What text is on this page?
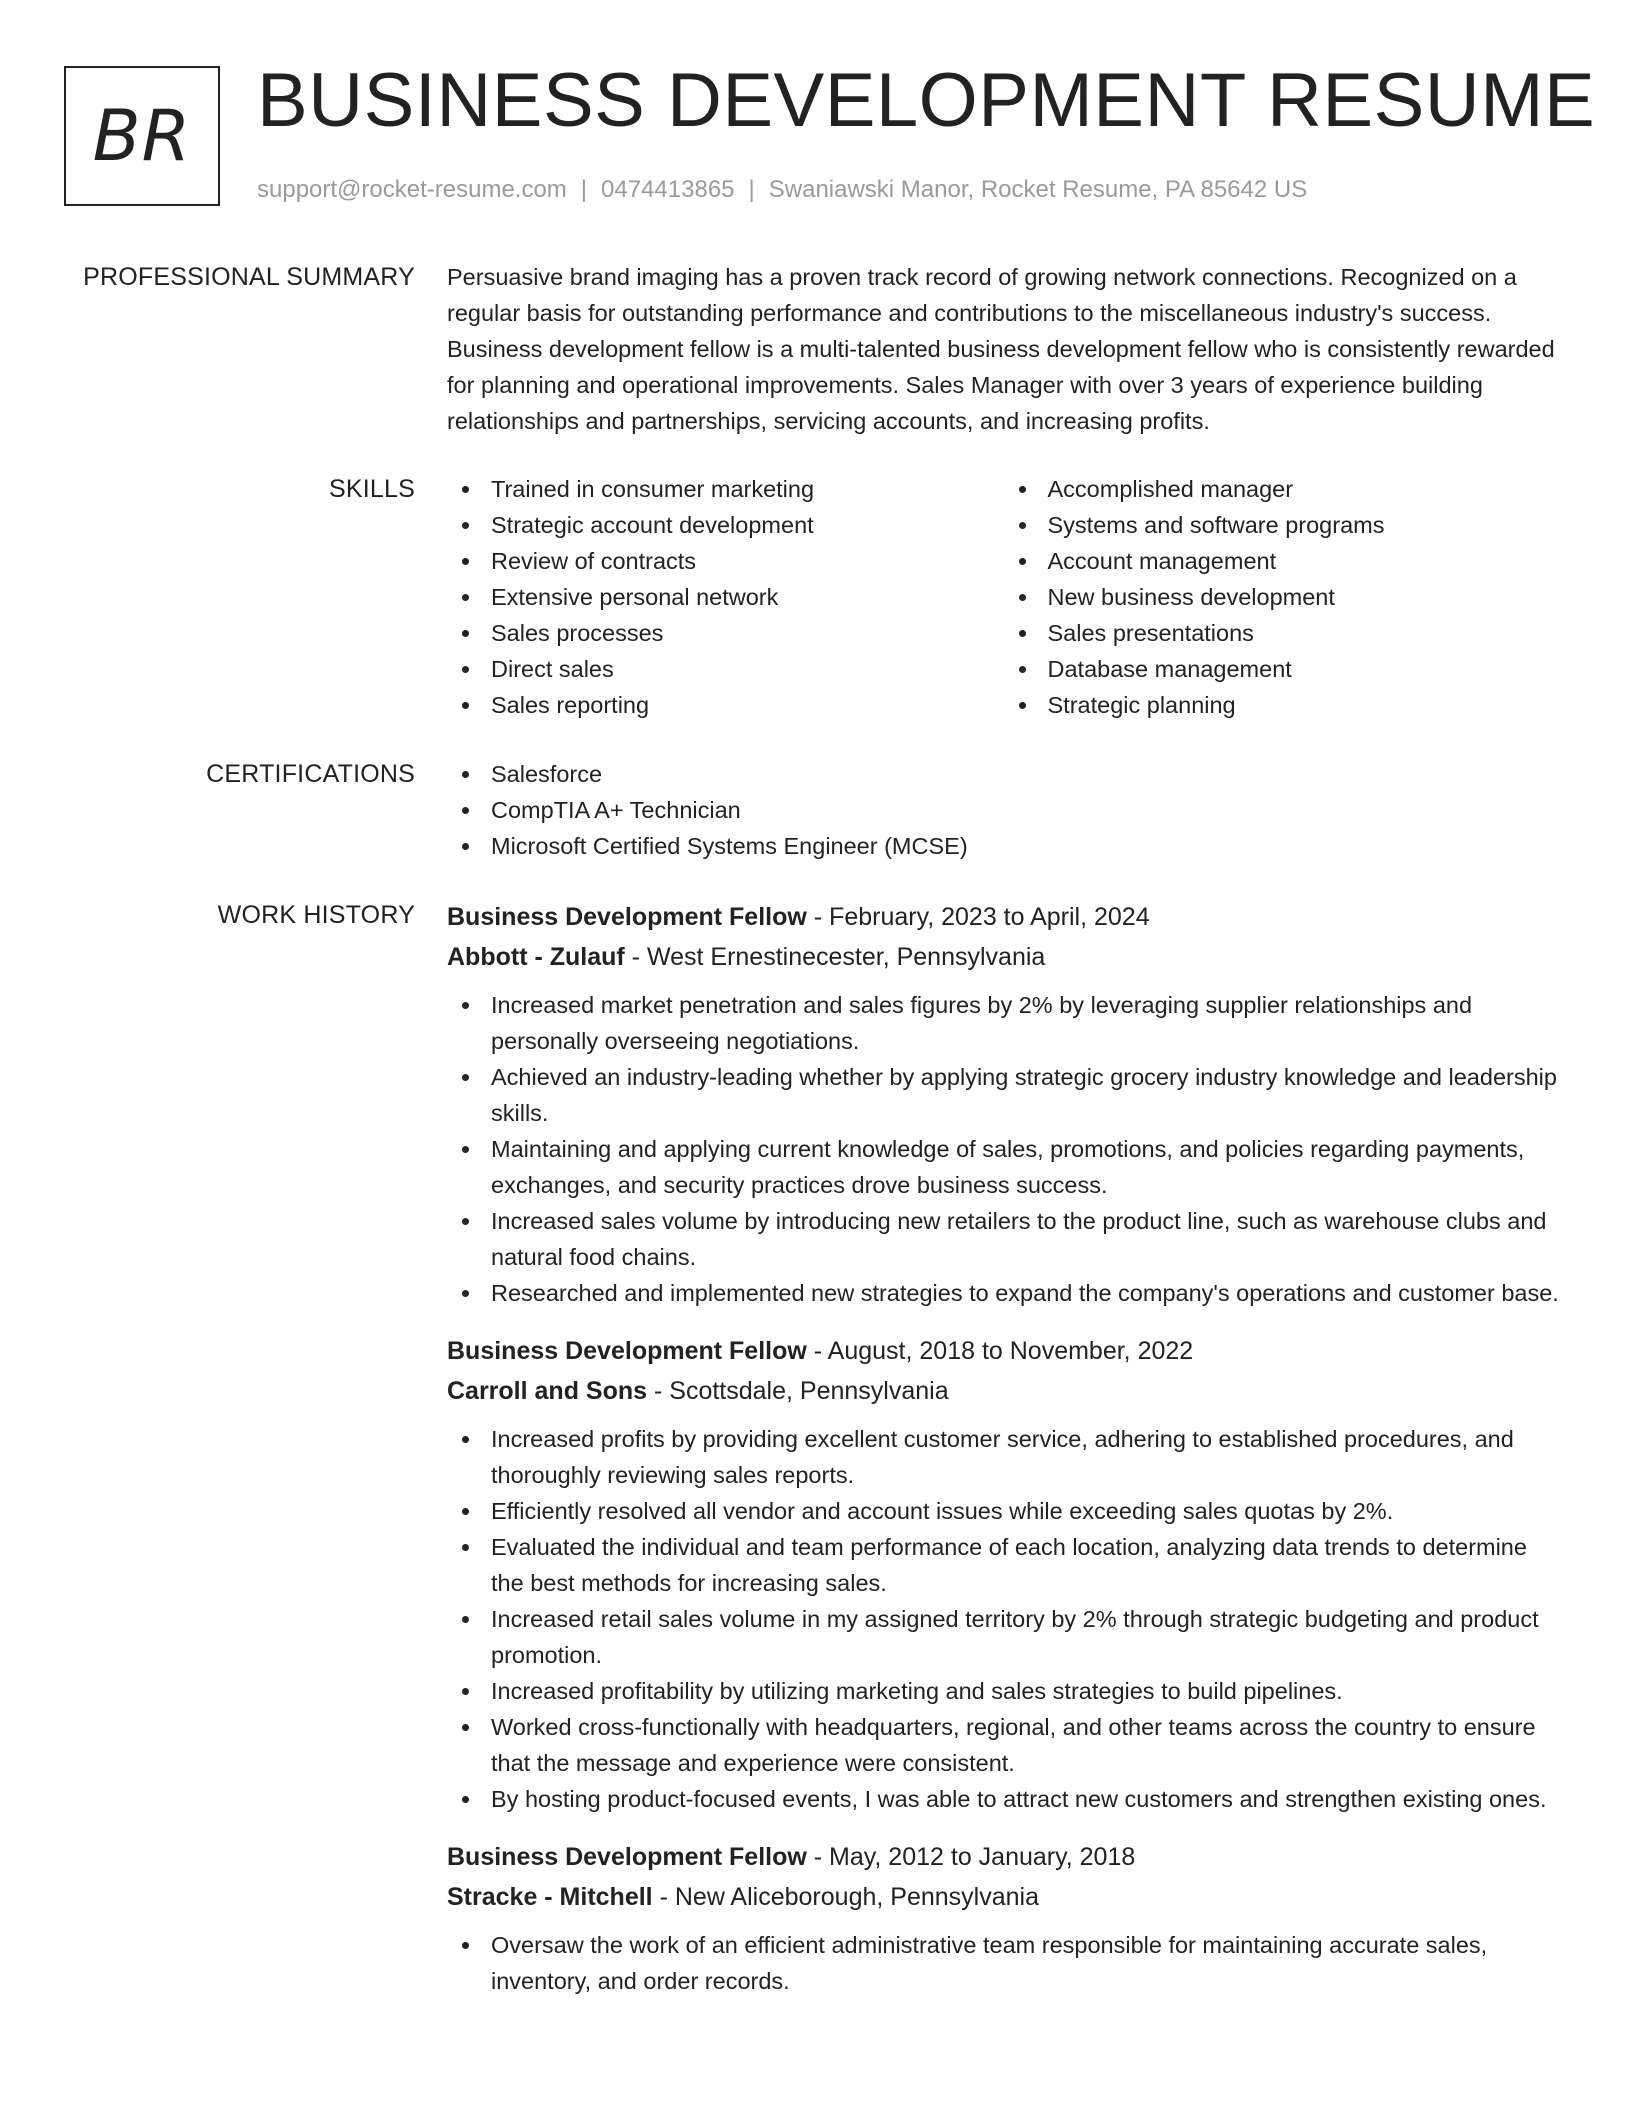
BR BUSINESS DEVELOPMENT RESUME
support@rocket-resume.com | 0474413865 | Swaniawski Manor, Rocket Resume, PA 85642 US
PROFESSIONAL SUMMARY Persuasive brand imaging has a proven track record of growing network connections. Recognized on a regular basis for outstanding performance and contributions to the miscellaneous industry's success. Business development fellow is a multi-talented business development fellow who is consistently rewarded for planning and operational improvements. Sales Manager with over 3 years of experience building relationships and partnerships, servicing accounts, and increasing profits.

SKILLS	Trained in consumer marketing
Strategic account development
Review of contracts
Extensive personal network
Sales processes
Direct sales
Sales reporting
Accomplished manager
Systems and software programs
Account management
New business development
Sales presentations
Database management
Strategic planning
CERTIFICATIONS	Salesforce
CompTIA A+ Technician
Microsoft Certified Systems Engineer (MCSE)
WORK HISTORY Business Development Fellow - February, 2023 to April, 2024
Abbott - Zulauf - West Ernestinecester, Pennsylvania
Increased market penetration and sales figures by 2% by leveraging supplier relationships and personally overseeing negotiations.
Achieved an industry-leading whether by applying strategic grocery industry knowledge and leadership skills.
Maintaining and applying current knowledge of sales, promotions, and policies regarding payments, exchanges, and security practices drove business success.
Increased sales volume by introducing new retailers to the product line, such as warehouse clubs and natural food chains.
Researched and implemented new strategies to expand the company's operations and customer base.
Business Development Fellow - August, 2018 to November, 2022
Carroll and Sons - Scottsdale, Pennsylvania
Increased profits by providing excellent customer service, adhering to established procedures, and thoroughly reviewing sales reports.
Efficiently resolved all vendor and account issues while exceeding sales quotas by 2%.
Evaluated the individual and team performance of each location, analyzing data trends to determine the best methods for increasing sales.
Increased retail sales volume in my assigned territory by 2% through strategic budgeting and product promotion.
Increased profitability by utilizing marketing and sales strategies to build pipelines.
Worked cross-functionally with headquarters, regional, and other teams across the country to ensure that the message and experience were consistent.
By hosting product-focused events, I was able to attract new customers and strengthen existing ones.
Business Development Fellow - May, 2012 to January, 2018
Stracke - Mitchell - New Aliceborough, Pennsylvania
Oversaw the work of an efficient administrative team responsible for maintaining accurate sales, inventory, and order records.
